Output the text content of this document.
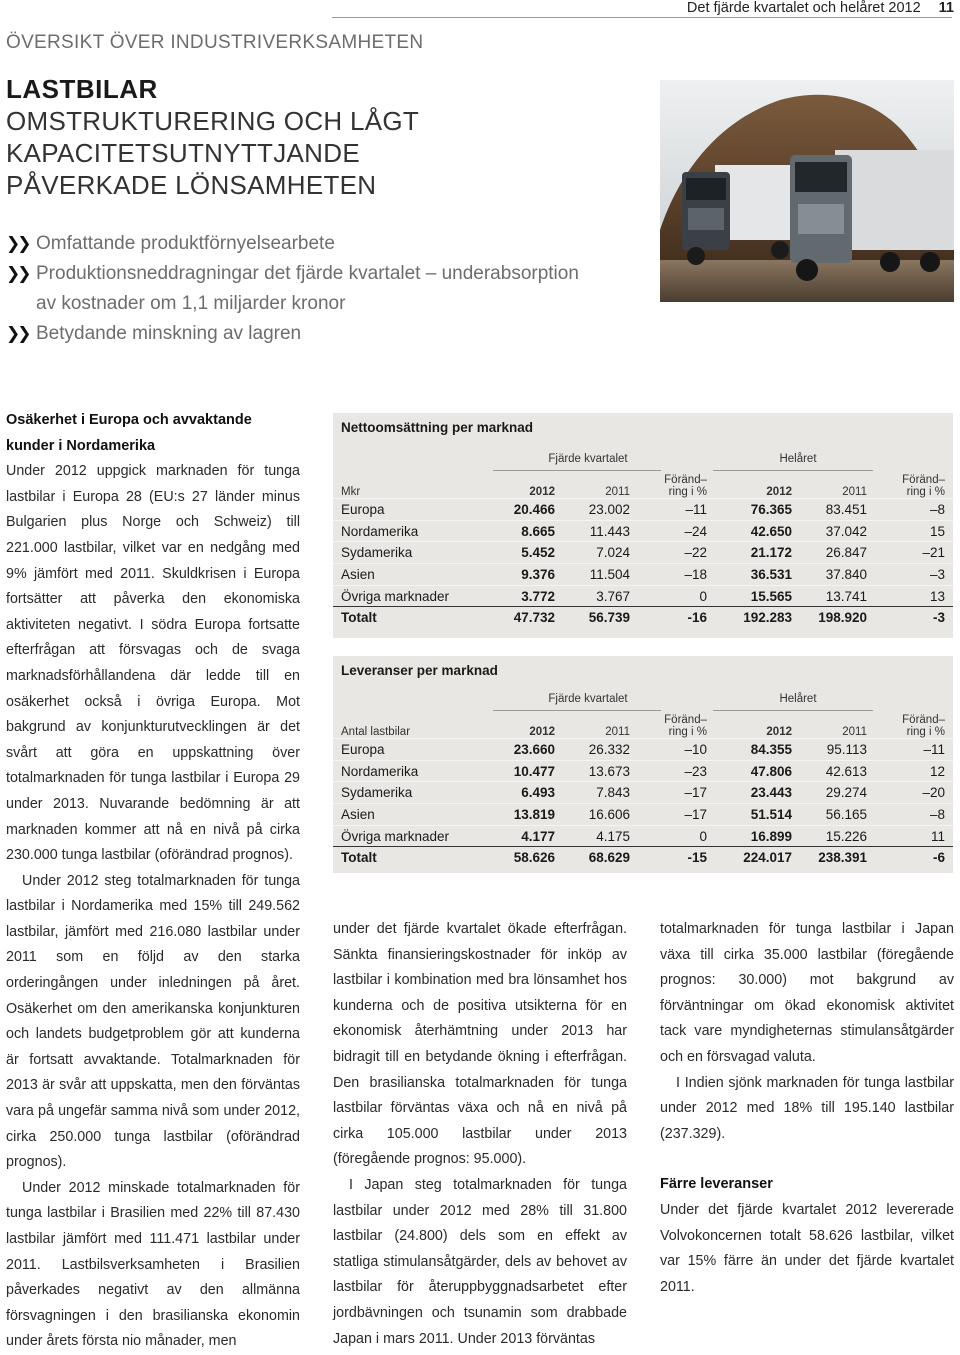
Det fjärde kvartalet och helåret 2012 11
ÖVERSIKT ÖVER INDUSTRIVERKSAMHETEN
LASTBILAR
OMSTRUKTURERING OCH LÅGT
KAPACITETSUTNYTTJANDE
PÅVERKADE LÖNSAMHETEN
❯❯ Omfattande produktförnyelsearbete
❯❯ Produktionsneddragningar det fjärde kvartalet – underabsorption
av kostnader om 1,1 miljarder kronor
❯❯ Betydande minskning av lagren
Osäkerhet i Europa och avvaktande kunder i Nordamerika

Under 2012 uppgick marknaden för tunga lastbilar i Europa 28 (EU:s 27 länder minus Bulgarien plus Norge och Schweiz) till 221.000 lastbilar, vilket var en nedgång med 9% jämfört med 2011. Skuldkrisen i Europa fortsätter att påverka den ekonomiska aktiviteten negativt. I södra Europa fortsatte efterfrågan att försvagas och de svaga marknadsförhållandena där ledde till en osäkerhet också i övriga Europa. Mot bakgrund av konjunkturutvecklingen är det svårt att göra en uppskattning över totalmarknaden för tunga lastbilar i Europa 29 under 2013. Nuvarande bedömning är att marknaden kommer att nå en nivå på cirka 230.000 tunga lastbilar (oförändrad prognos).

Under 2012 steg totalmarknaden för tunga lastbilar i Nordamerika med 15% till 249.562 lastbilar, jämfört med 216.080 lastbilar under 2011 som en följd av den starka orderingången under inledningen på året. Osäkerhet om den amerikanska konjunkturen och landets budgetproblem gör att kunderna är fortsatt avvaktande. Totalmarknaden för 2013 är svår att uppskatta, men den förväntas vara på ungefär samma nivå som under 2012, cirka 250.000 tunga lastbilar (oförändrad prognos).

Under 2012 minskade totalmarknaden för tunga lastbilar i Brasilien med 22% till 87.430 lastbilar jämfört med 111.471 lastbilar under 2011. Lastbilsverksamheten i Brasilien påverkades negativt av den allmänna försvagningen i den brasilianska ekonomin under årets första nio månader, men

Nettoomsättning per marknad
Fjärde kvartalet	Helåret
Mkr	2012	2011	Föränd–
ring i %	2012	2011	Föränd–
ring i %
Europa	20.466	23.002	–11	76.365	83.451	–8
Nordamerika	8.665	11.443	–24	42.650	37.042	15
Sydamerika	5.452	7.024	–22	21.172	26.847	–21
Asien	9.376	11.504	–18	36.531	37.840	–3
Övriga marknader	3.772	3.767	0	15.565	13.741	13
Totalt	47.732	56.739	-16	192.283	198.920	-3
Leveranser per marknad
Fjärde kvartalet	Helåret
Antal lastbilar	2012	2011	Föränd–
ring i %	2012	2011	Föränd–
ring i %
Europa	23.660	26.332	–10	84.355	95.113	–11
Nordamerika	10.477	13.673	–23	47.806	42.613	12
Sydamerika	6.493	7.843	–17	23.443	29.274	–20
Asien	13.819	16.606	–17	51.514	56.165	–8
Övriga marknader	4.177	4.175	0	16.899	15.226	11
Totalt	58.626	68.629	-15	224.017	238.391	-6

under det fjärde kvartalet ökade efterfrågan. Sänkta finansieringskostnader för inköp av lastbilar i kombination med bra lönsamhet hos kunderna och de positiva utsikterna för en ekonomisk återhämtning under 2013 har bidragit till en betydande ökning i efterfrågan. Den brasilianska totalmarknaden för tunga lastbilar förväntas växa och nå en nivå på cirka 105.000 lastbilar under 2013 (föregående prognos: 95.000).

I Japan steg totalmarknaden för tunga lastbilar under 2012 med 28% till 31.800 lastbilar (24.800) dels som en effekt av statliga stimulansåtgärder, dels av behovet av lastbilar för återuppbyggnadsarbetet efter jordbävningen och tsunamin som drabbade Japan i mars 2011. Under 2013 förväntas

totalmarknaden för tunga lastbilar i Japan växa till cirka 35.000 lastbilar (föregående prognos: 30.000) mot bakgrund av förväntningar om ökad ekonomisk aktivitet tack vare myndigheternas stimulansåtgärder och en försvagad valuta.

I Indien sjönk marknaden för tunga lastbilar under 2012 med 18% till 195.140 lastbilar (237.329).

Färre leveranser

Under det fjärde kvartalet 2012 levererade Volvokoncernen totalt 58.626 lastbilar, vilket var 15% färre än under det fjärde kvartalet 2011.
